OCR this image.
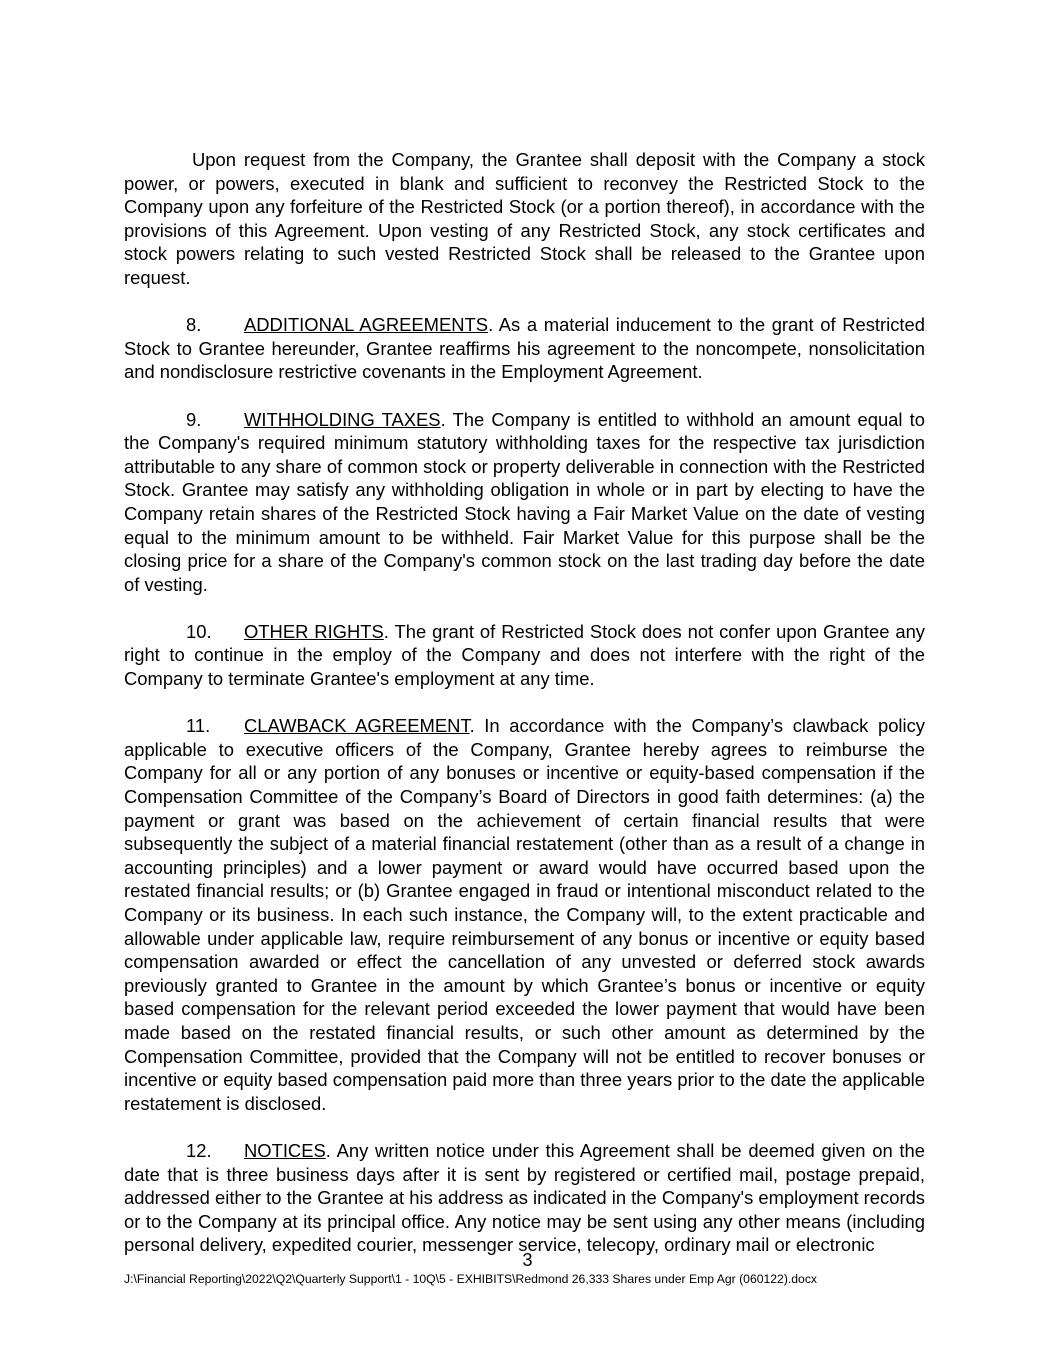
Upon request from the Company, the Grantee shall deposit with the Company a stock power, or powers, executed in blank and sufficient to reconvey the Restricted Stock to the Company upon any forfeiture of the Restricted Stock (or a portion thereof), in accordance with the provisions of this Agreement. Upon vesting of any Restricted Stock, any stock certificates and stock powers relating to such vested Restricted Stock shall be released to the Grantee upon request.

8. ADDITIONAL AGREEMENTS. As a material inducement to the grant of Restricted Stock to Grantee hereunder, Grantee reaffirms his agreement to the noncompete, nonsolicitation and nondisclosure restrictive covenants in the Employment Agreement.

9. WITHHOLDING TAXES. The Company is entitled to withhold an amount equal to the Company's required minimum statutory withholding taxes for the respective tax jurisdiction attributable to any share of common stock or property deliverable in connection with the Restricted Stock. Grantee may satisfy any withholding obligation in whole or in part by electing to have the Company retain shares of the Restricted Stock having a Fair Market Value on the date of vesting equal to the minimum amount to be withheld. Fair Market Value for this purpose shall be the closing price for a share of the Company's common stock on the last trading day before the date of vesting.

10. OTHER RIGHTS. The grant of Restricted Stock does not confer upon Grantee any right to continue in the employ of the Company and does not interfere with the right of the Company to terminate Grantee's employment at any time.

11. CLAWBACK AGREEMENT. In accordance with the Company’s clawback policy applicable to executive officers of the Company, Grantee hereby agrees to reimburse the Company for all or any portion of any bonuses or incentive or equity-based compensation if the Compensation Committee of the Company’s Board of Directors in good faith determines: (a) the payment or grant was based on the achievement of certain financial results that were subsequently the subject of a material financial restatement (other than as a result of a change in accounting principles) and a lower payment or award would have occurred based upon the restated financial results; or (b) Grantee engaged in fraud or intentional misconduct related to the Company or its business. In each such instance, the Company will, to the extent practicable and allowable under applicable law, require reimbursement of any bonus or incentive or equity based compensation awarded or effect the cancellation of any unvested or deferred stock awards previously granted to Grantee in the amount by which Grantee’s bonus or incentive or equity based compensation for the relevant period exceeded the lower payment that would have been made based on the restated financial results, or such other amount as determined by the Compensation Committee, provided that the Company will not be entitled to recover bonuses or incentive or equity based compensation paid more than three years prior to the date the applicable restatement is disclosed.

12. NOTICES. Any written notice under this Agreement shall be deemed given on the date that is three business days after it is sent by registered or certified mail, postage prepaid, addressed either to the Grantee at his address as indicated in the Company's employment records or to the Company at its principal office. Any notice may be sent using any other means (including personal delivery, expedited courier, messenger service, telecopy, ordinary mail or electronic

3
J:\Financial Reporting\2022\Q2\Quarterly Support\1 - 10Q\5 - EXHIBITS\Redmond 26,333 Shares under Emp Agr (060122).docx
